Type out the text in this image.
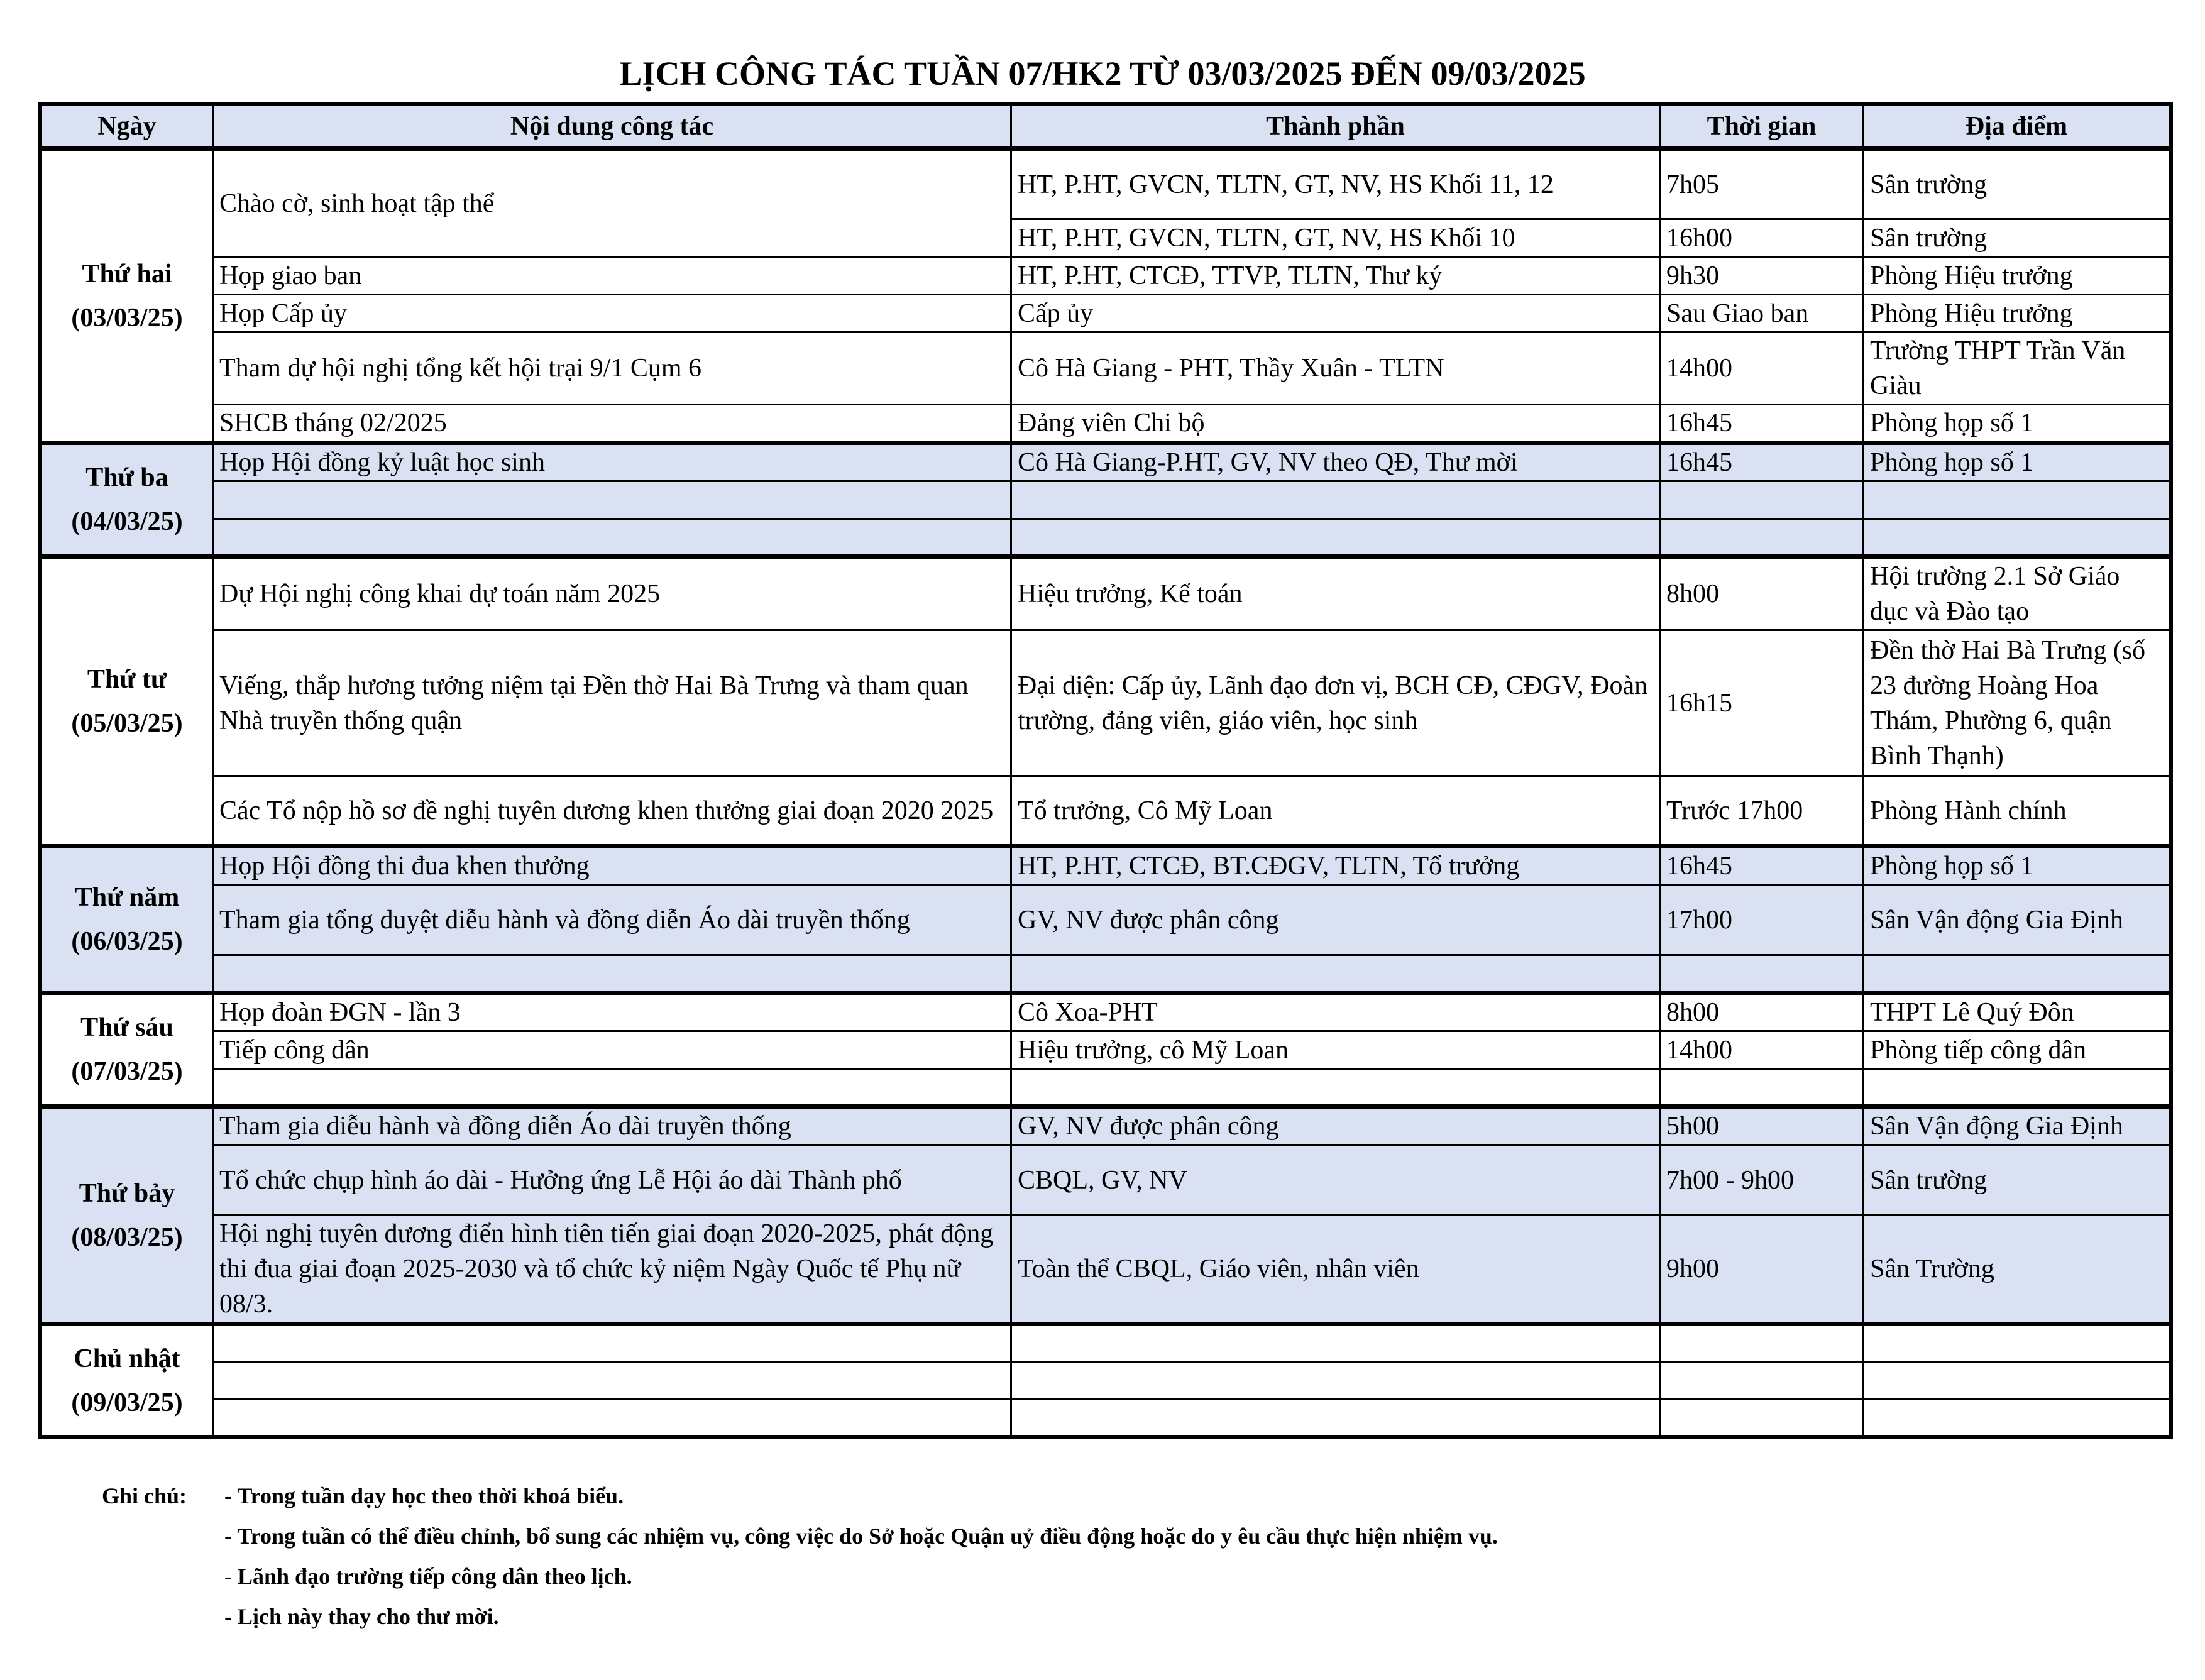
LỊCH CÔNG TÁC TUẦN 07/HK2 TỪ 03/03/2025 ĐẾN 09/03/2025
Ngày	Nội dung công tác	Thành phần	Thời gian	Địa điểm

Thứ hai
(03/03/25)	Chào cờ, sinh hoạt tập thể	HT, P.HT, GVCN, TLTN, GT, NV, HS Khối 11, 12	7h05	Sân trường
		HT, P.HT, GVCN, TLTN, GT, NV, HS Khối 10	16h00	Sân trường
	Họp giao ban	HT, P.HT, CTCĐ, TTVP, TLTN, Thư ký	9h30	Phòng Hiệu trưởng
	Họp Cấp ủy	Cấp ủy	Sau Giao ban	Phòng Hiệu trưởng
	Tham dự hội nghị tổng kết hội trại 9/1 Cụm 6	Cô Hà Giang - PHT, Thầy Xuân - TLTN	14h00	Trường THPT Trần Văn Giàu
	SHCB tháng 02/2025	Đảng viên Chi bộ	16h45	Phòng họp số 1

Thứ ba
(04/03/25)	Họp Hội đồng kỷ luật học sinh	Cô Hà Giang-P.HT, GV, NV theo QĐ, Thư mời	16h45	Phòng họp số 1

Thứ tư
(05/03/25)	Dự Hội nghị công khai dự toán năm 2025	Hiệu trưởng, Kế toán	8h00	Hội trường 2.1 Sở Giáo dục và Đào tạo
	Viếng, thắp hương tưởng niệm tại Đền thờ Hai Bà Trưng và tham quan Nhà truyền thống quận	Đại diện: Cấp ủy, Lãnh đạo đơn vị, BCH CĐ, CĐGV, Đoàn trường, đảng viên, giáo viên, học sinh	16h15	Đền thờ Hai Bà Trưng (số 23 đường Hoàng Hoa Thám, Phường 6, quận Bình Thạnh)
	Các Tổ nộp hồ sơ đề nghị tuyên dương khen thưởng giai đoạn 2020 2025	Tổ trưởng, Cô Mỹ Loan	Trước 17h00	Phòng Hành chính

Thứ năm
(06/03/25)	Họp Hội đồng thi đua khen thưởng	HT, P.HT, CTCĐ, BT.CĐGV, TLTN, Tổ trưởng	16h45	Phòng họp số 1
	Tham gia tổng duyệt diễu hành và đồng diễn Áo dài truyền thống	GV, NV được phân công	17h00	Sân Vận động Gia Định

Thứ sáu
(07/03/25)	Họp đoàn ĐGN - lần 3	Cô Xoa-PHT	8h00	THPT Lê Quý Đôn
	Tiếp công dân	Hiệu trưởng, cô Mỹ Loan	14h00	Phòng tiếp công dân

Thứ bảy
(08/03/25)	Tham gia diễu hành và đồng diễn Áo dài truyền thống	GV, NV được phân công	5h00	Sân Vận động Gia Định
	Tổ chức chụp hình áo dài - Hưởng ứng Lễ Hội áo dài Thành phố	CBQL, GV, NV	7h00 - 9h00	Sân trường
	Hội nghị tuyên dương điển hình tiên tiến giai đoạn 2020-2025, phát động thi đua giai đoạn 2025-2030 và tổ chức kỷ niệm Ngày Quốc tế Phụ nữ 08/3.	Toàn thể CBQL, Giáo viên, nhân viên	9h00	Sân Trường

Chủ nhật
(09/03/25)				

Ghi chú:	- Trong tuần dạy học theo thời khoá biểu.
- Trong tuần có thể điều chỉnh, bổ sung các nhiệm vụ, công việc do Sở hoặc Quận uỷ điều động hoặc do y êu cầu thực hiện nhiệm vụ.
- Lãnh đạo trường tiếp công dân theo lịch.
- Lịch này thay cho thư mời.
